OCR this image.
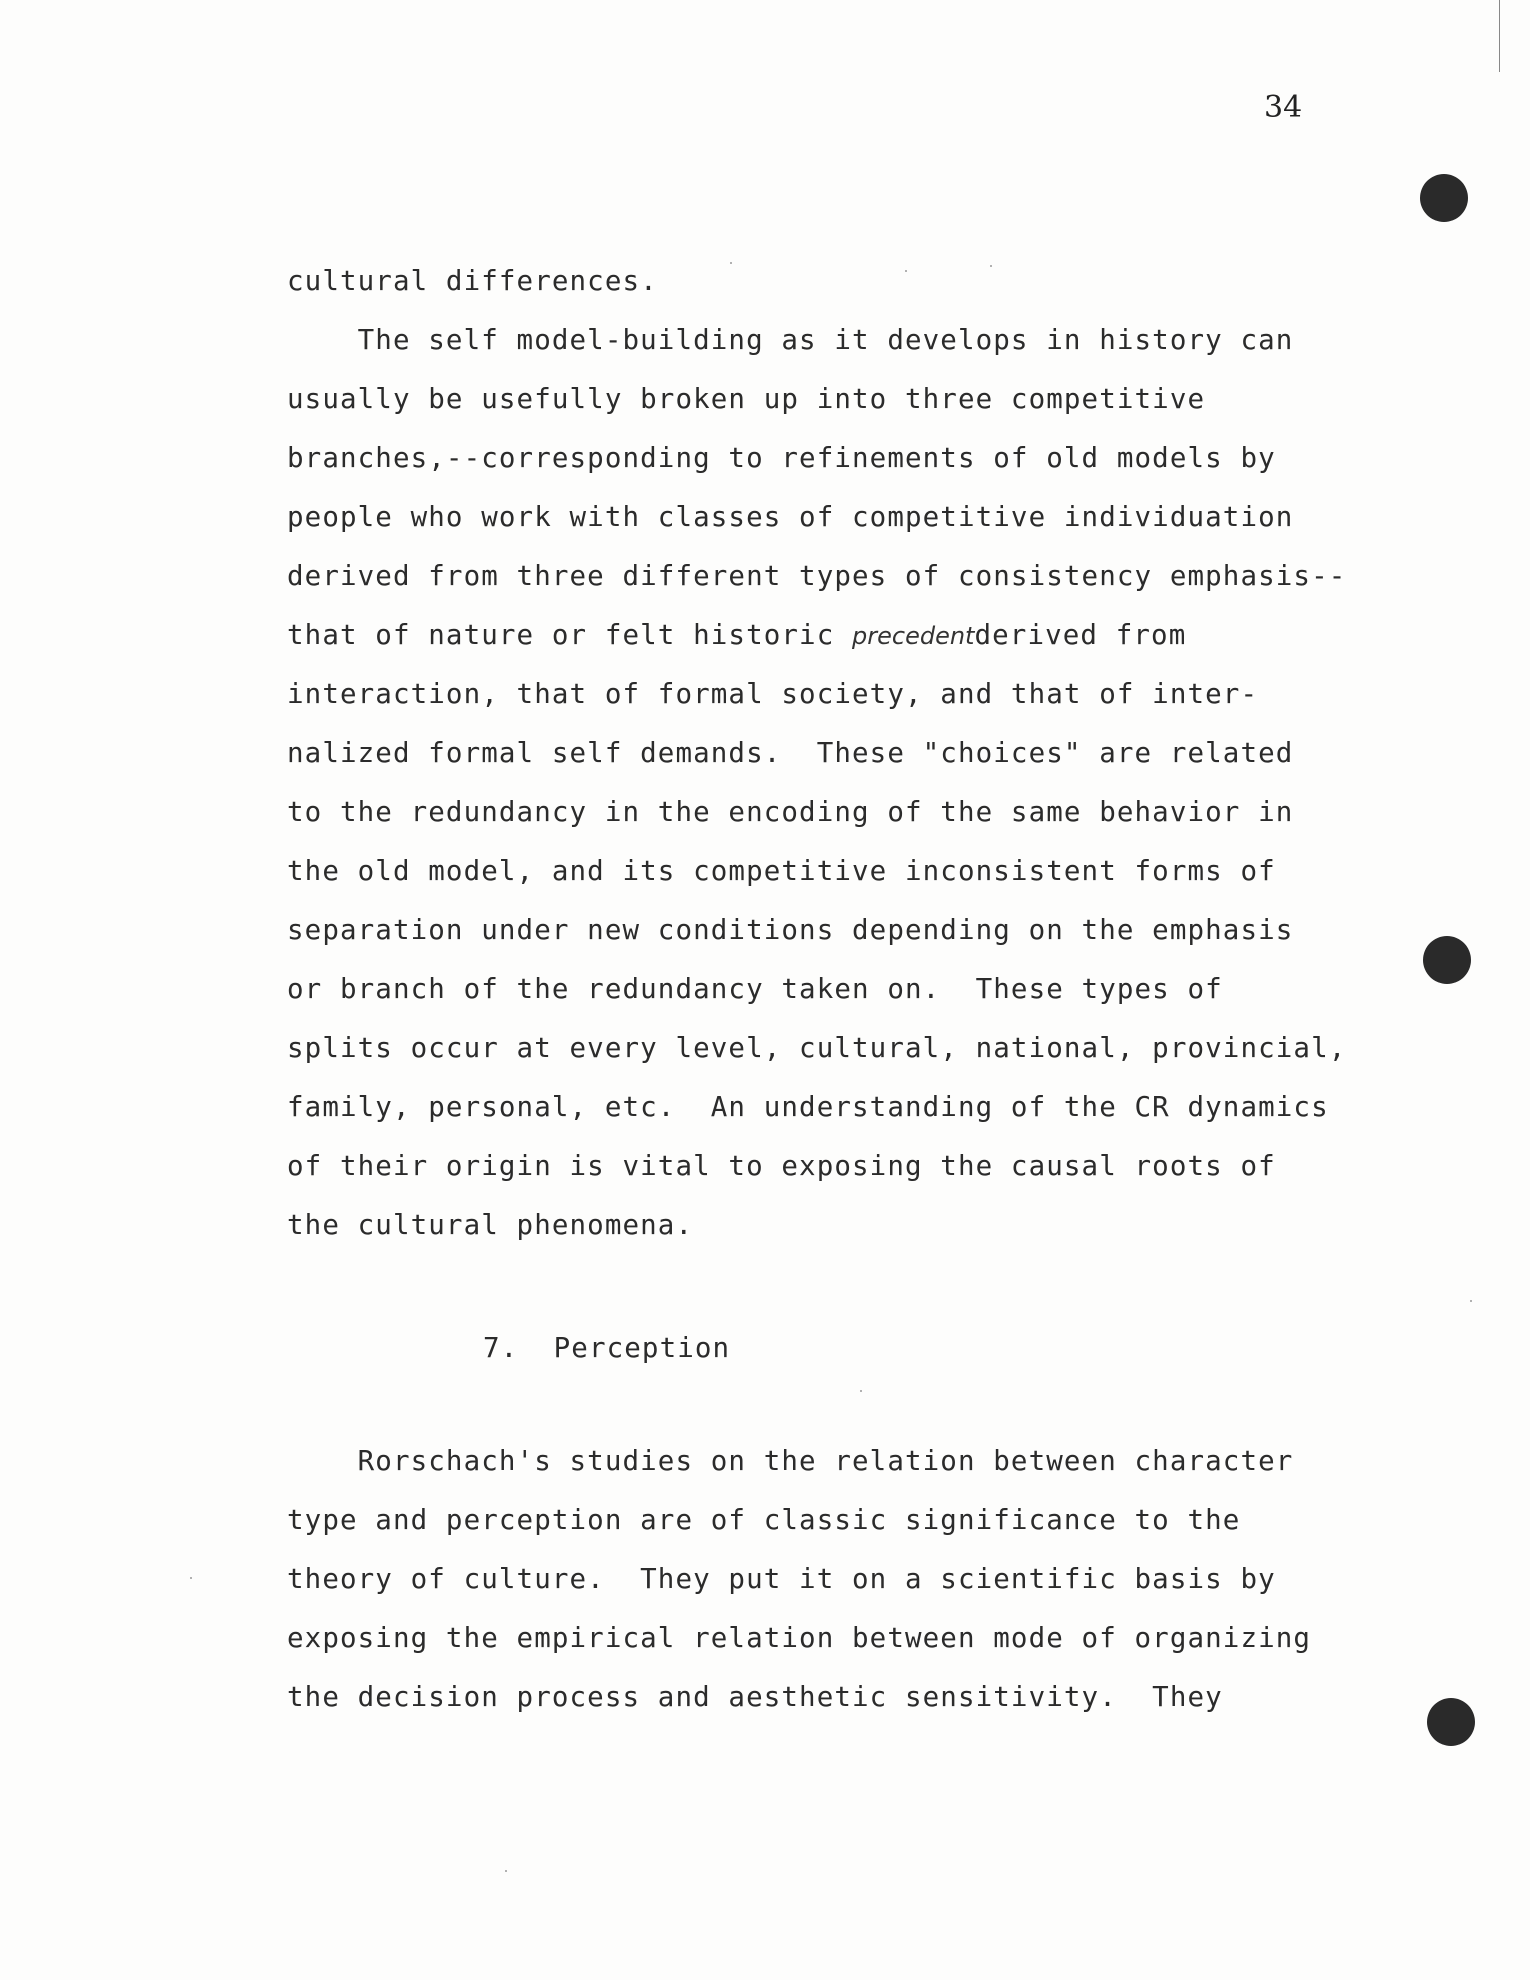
34
cultural differences.
The self model-building as it develops in history can
usually be usefully broken up into three competitive
branches,--corresponding to refinements of old models by
people who work with classes of competitive individuation
derived from three different types of consistency emphasis--
that of nature or felt historic precedentderived from
interaction, that of formal society, and that of inter-
nalized formal self demands.  These "choices" are related
to the redundancy in the encoding of the same behavior in
the old model, and its competitive inconsistent forms of
separation under new conditions depending on the emphasis
or branch of the redundancy taken on.  These types of
splits occur at every level, cultural, national, provincial,
family, personal, etc.  An understanding of the CR dynamics
of their origin is vital to exposing the causal roots of
the cultural phenomena.
7.  Perception
Rorschach's studies on the relation between character
type and perception are of classic significance to the
theory of culture.  They put it on a scientific basis by
exposing the empirical relation between mode of organizing
the decision process and aesthetic sensitivity.  They
